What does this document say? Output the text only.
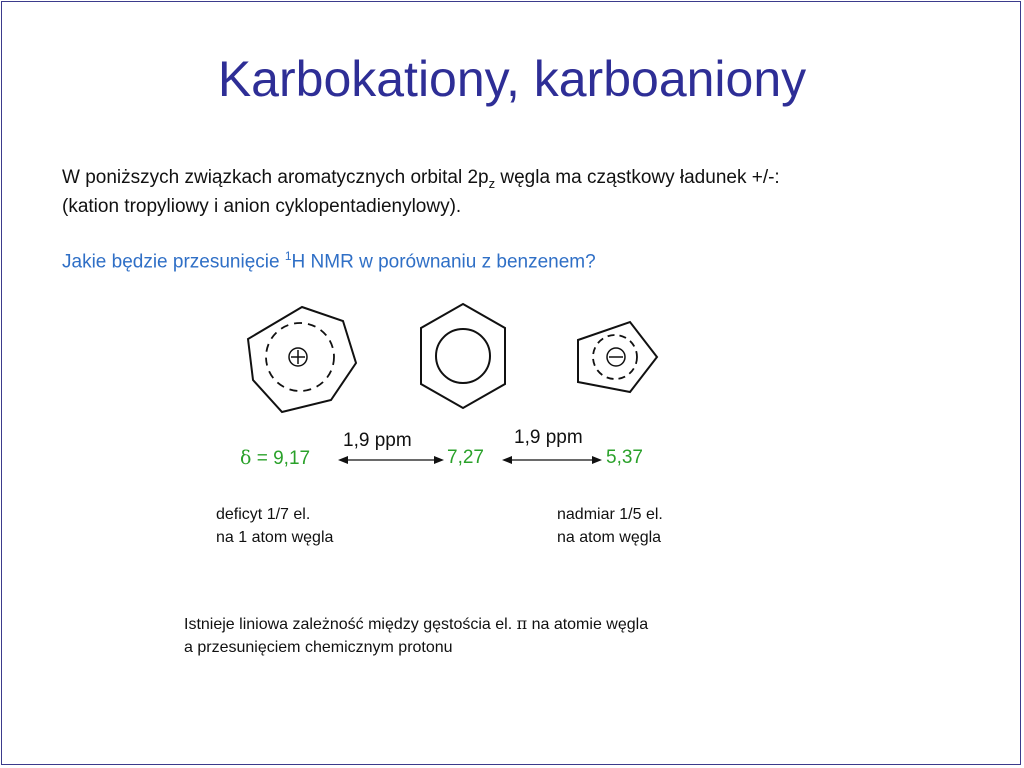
Karbokationy, karboaniony
W poniższych związkach aromatycznych orbital $2p_z$ węgla ma cząstkowy ładunek +/-:
(kation tropyliowy i anion cyklopentadienylowy).
Jakie będzie przesunięcie $^1$H NMR w porównaniu z benzenem?
1,9 ppm	1,9 ppm
δ = 9,17	7,27	5,37
deficyt 1/7 el.
na 1 atom węgla
nadmiar 1/5 el.
na atom węgla
Istnieje liniowa zależność między gęstościa el. π na atomie węgla
a przesunięciem chemicznym protonu
